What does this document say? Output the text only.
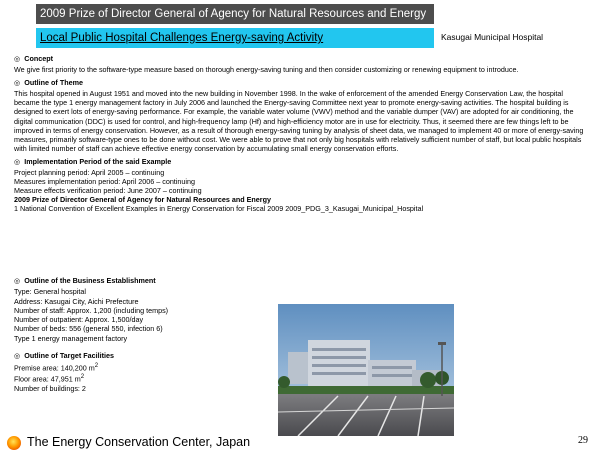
2009 Prize of Director General of Agency for Natural Resources and Energy
Local Public Hospital Challenges Energy-saving Activity	Kasugai Municipal Hospital
◎ Concept
We give first priority to the software-type measure based on thorough energy-saving tuning and then consider customizing or renewing equipment to introduce.
◎ Outline of Theme
This hospital opened in August 1951 and moved into the new building in November 1998. In the wake of enforcement of the amended Energy Conservation Law, the hospital became the type 1 energy management factory in July 2006 and launched the Energy-saving Committee next year to promote energy-saving activities. The hospital building is designed to exert lots of energy-saving performance. For example, the variable water volume (VWV) method and the variable dumper (VAV) are adopted for air conditioning, the digital communication (DDC) is used for control, and high-frequency lamp (Hf) and high-efficiency motor are in use for electricity. Thus, it seemed there are few things left to be improved in terms of energy conservation. However, as a result of thorough energy-saving tuning by analysis of sheet data, we managed to implement 40 or more of energy-saving measures, primarily software-type ones to be done without cost. We were able to prove that not only big hospitals with relatively sufficient number of staff, but local public hospitals with limited number of staff can achieve effective energy conservation by accumulating small energy conservation efforts.
◎ Implementation Period of the said Example
Project planning period: April 2005 – continuing
Measures implementation period: April 2006 – continuing
Measure effects verification period: June 2007 – continuing
2009 Prize of Director General of Agency for Natural Resources and Energy
1 National Convention of Excellent Examples in Energy Conservation for Fiscal 2009 2009_PDG_3_Kasugai_Municipal_Hospital
◎ Outline of the Business Establishment
Type: General hospital
Address: Kasugai City, Aichi Prefecture
Number of staff: Approx. 1,200 (including temps)
Number of outpatient: Approx. 1,500/day
Number of beds: 556 (general 550, infection 6)
Type 1 energy management factory
◎ Outline of Target Facilities
Premise area: 140,200 $m^2$
Floor area: 47,951 $m^2$
Number of buildings: 2
The Energy Conservation Center, Japan	29
